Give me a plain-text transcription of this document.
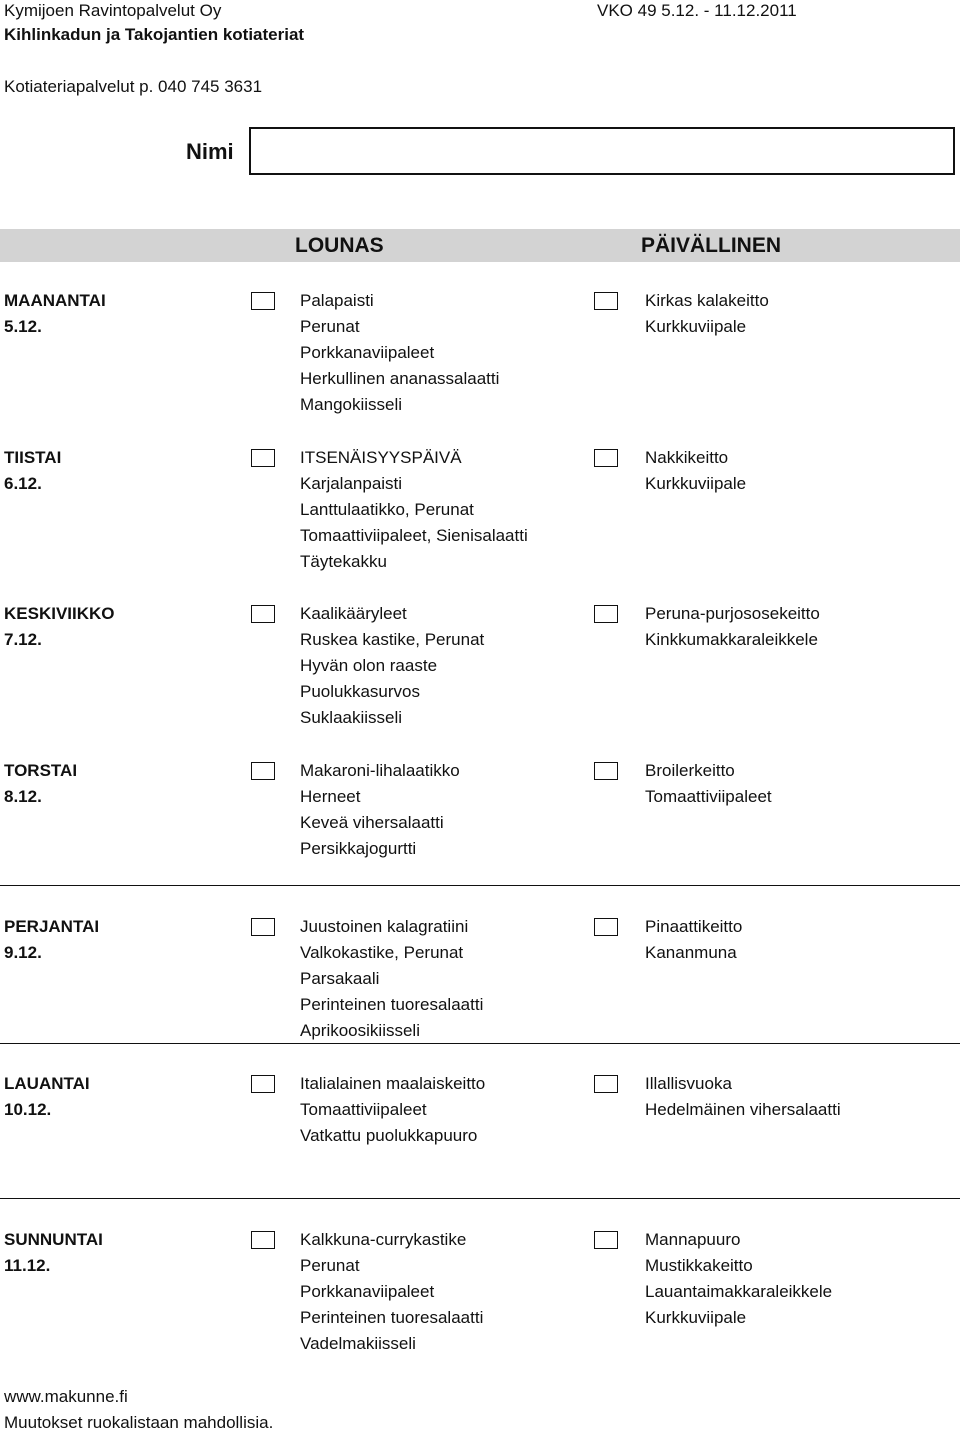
Kymijoen Ravintopalvelut Oy	VKO 49 5.12. - 11.12.2011
Kihlinkadun ja Takojantien kotiateriat
Kotiateriapalvelut p. 040 745 3631
Nimi
LOUNAS	PÄIVÄLLINEN
MAANANTAI
5.12.
Palapaisti
Perunat
Porkkanaviipaleet
Herkullinen ananassalaatti
Mangokiisseli
Kirkas kalakeitto
Kurkkuviipale
TIISTAI
6.12.
ITSENÄISYYSPÄIVÄ
Karjalanpaisti
Lanttulaatikko, Perunat
Tomaattiviipaleet, Sienisalaatti
Täytekakku
Nakkikeitto
Kurkkuviipale
KESKIVIIKKO
7.12.
Kaalikääryleet
Ruskea kastike, Perunat
Hyvän olon raaste
Puolukkasurvos
Suklaakiisseli
Peruna-purjososekeitto
Kinkkumakkaraleikkele
TORSTAI
8.12.
Makaroni-lihalaatikko
Herneet
Keveä vihersalaatti
Persikkajogurtti
Broilerkeitto
Tomaattiviipaleet
PERJANTAI
9.12.
Juustoinen kalagratiini
Valkokastike, Perunat
Parsakaali
Perinteinen tuoresalaatti
Aprikoosikiisseli
Pinaattikeitto
Kananmuna
LAUANTAI
10.12.
Italialainen maalaiskeitto
Tomaattiviipaleet
Vatkattu puolukkapuuro
Illallisvuoka
Hedelmäinen vihersalaatti
SUNNUNTAI
11.12.
Kalkkuna-currykastike
Perunat
Porkkanaviipaleet
Perinteinen tuoresalaatti
Vadelmakiisseli
Mannapuuro
Mustikkakeitto
Lauantaimakkaraleikkele
Kurkkuviipale
www.makunne.fi
Muutokset ruokalistaan mahdollisia.
